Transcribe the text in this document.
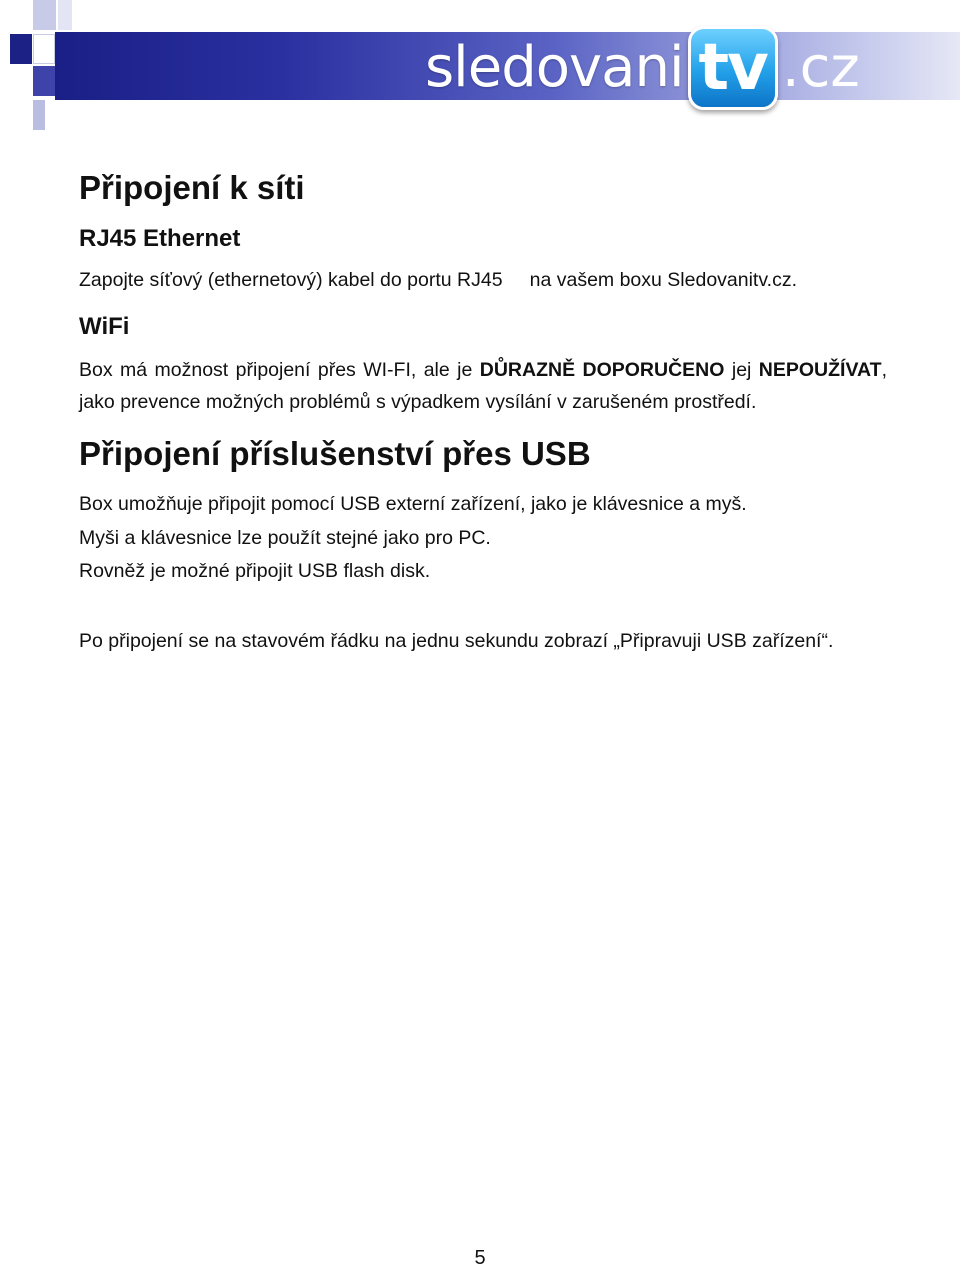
sledovani tv .cz
Připojení k síti
RJ45 Ethernet

Zapojte síťový (ethernetový) kabel do portu RJ45     na vašem boxu Sledovanitv.cz.

WiFi

Box má možnost připojení přes WI-FI, ale je DŮRAZNĚ DOPORUČENO jej NEPOUŽÍVAT, jako prevence možných problémů s výpadkem vysílání v zarušeném prostředí.

Připojení příslušenství přes USB

Box umožňuje připojit pomocí USB externí zařízení, jako je klávesnice a myš.

Myši a klávesnice lze použít stejné jako pro PC.

Rovněž je možné připojit USB flash disk.

Po připojení se na stavovém řádku na jednu sekundu zobrazí „Připravuji USB zařízení“.

5
